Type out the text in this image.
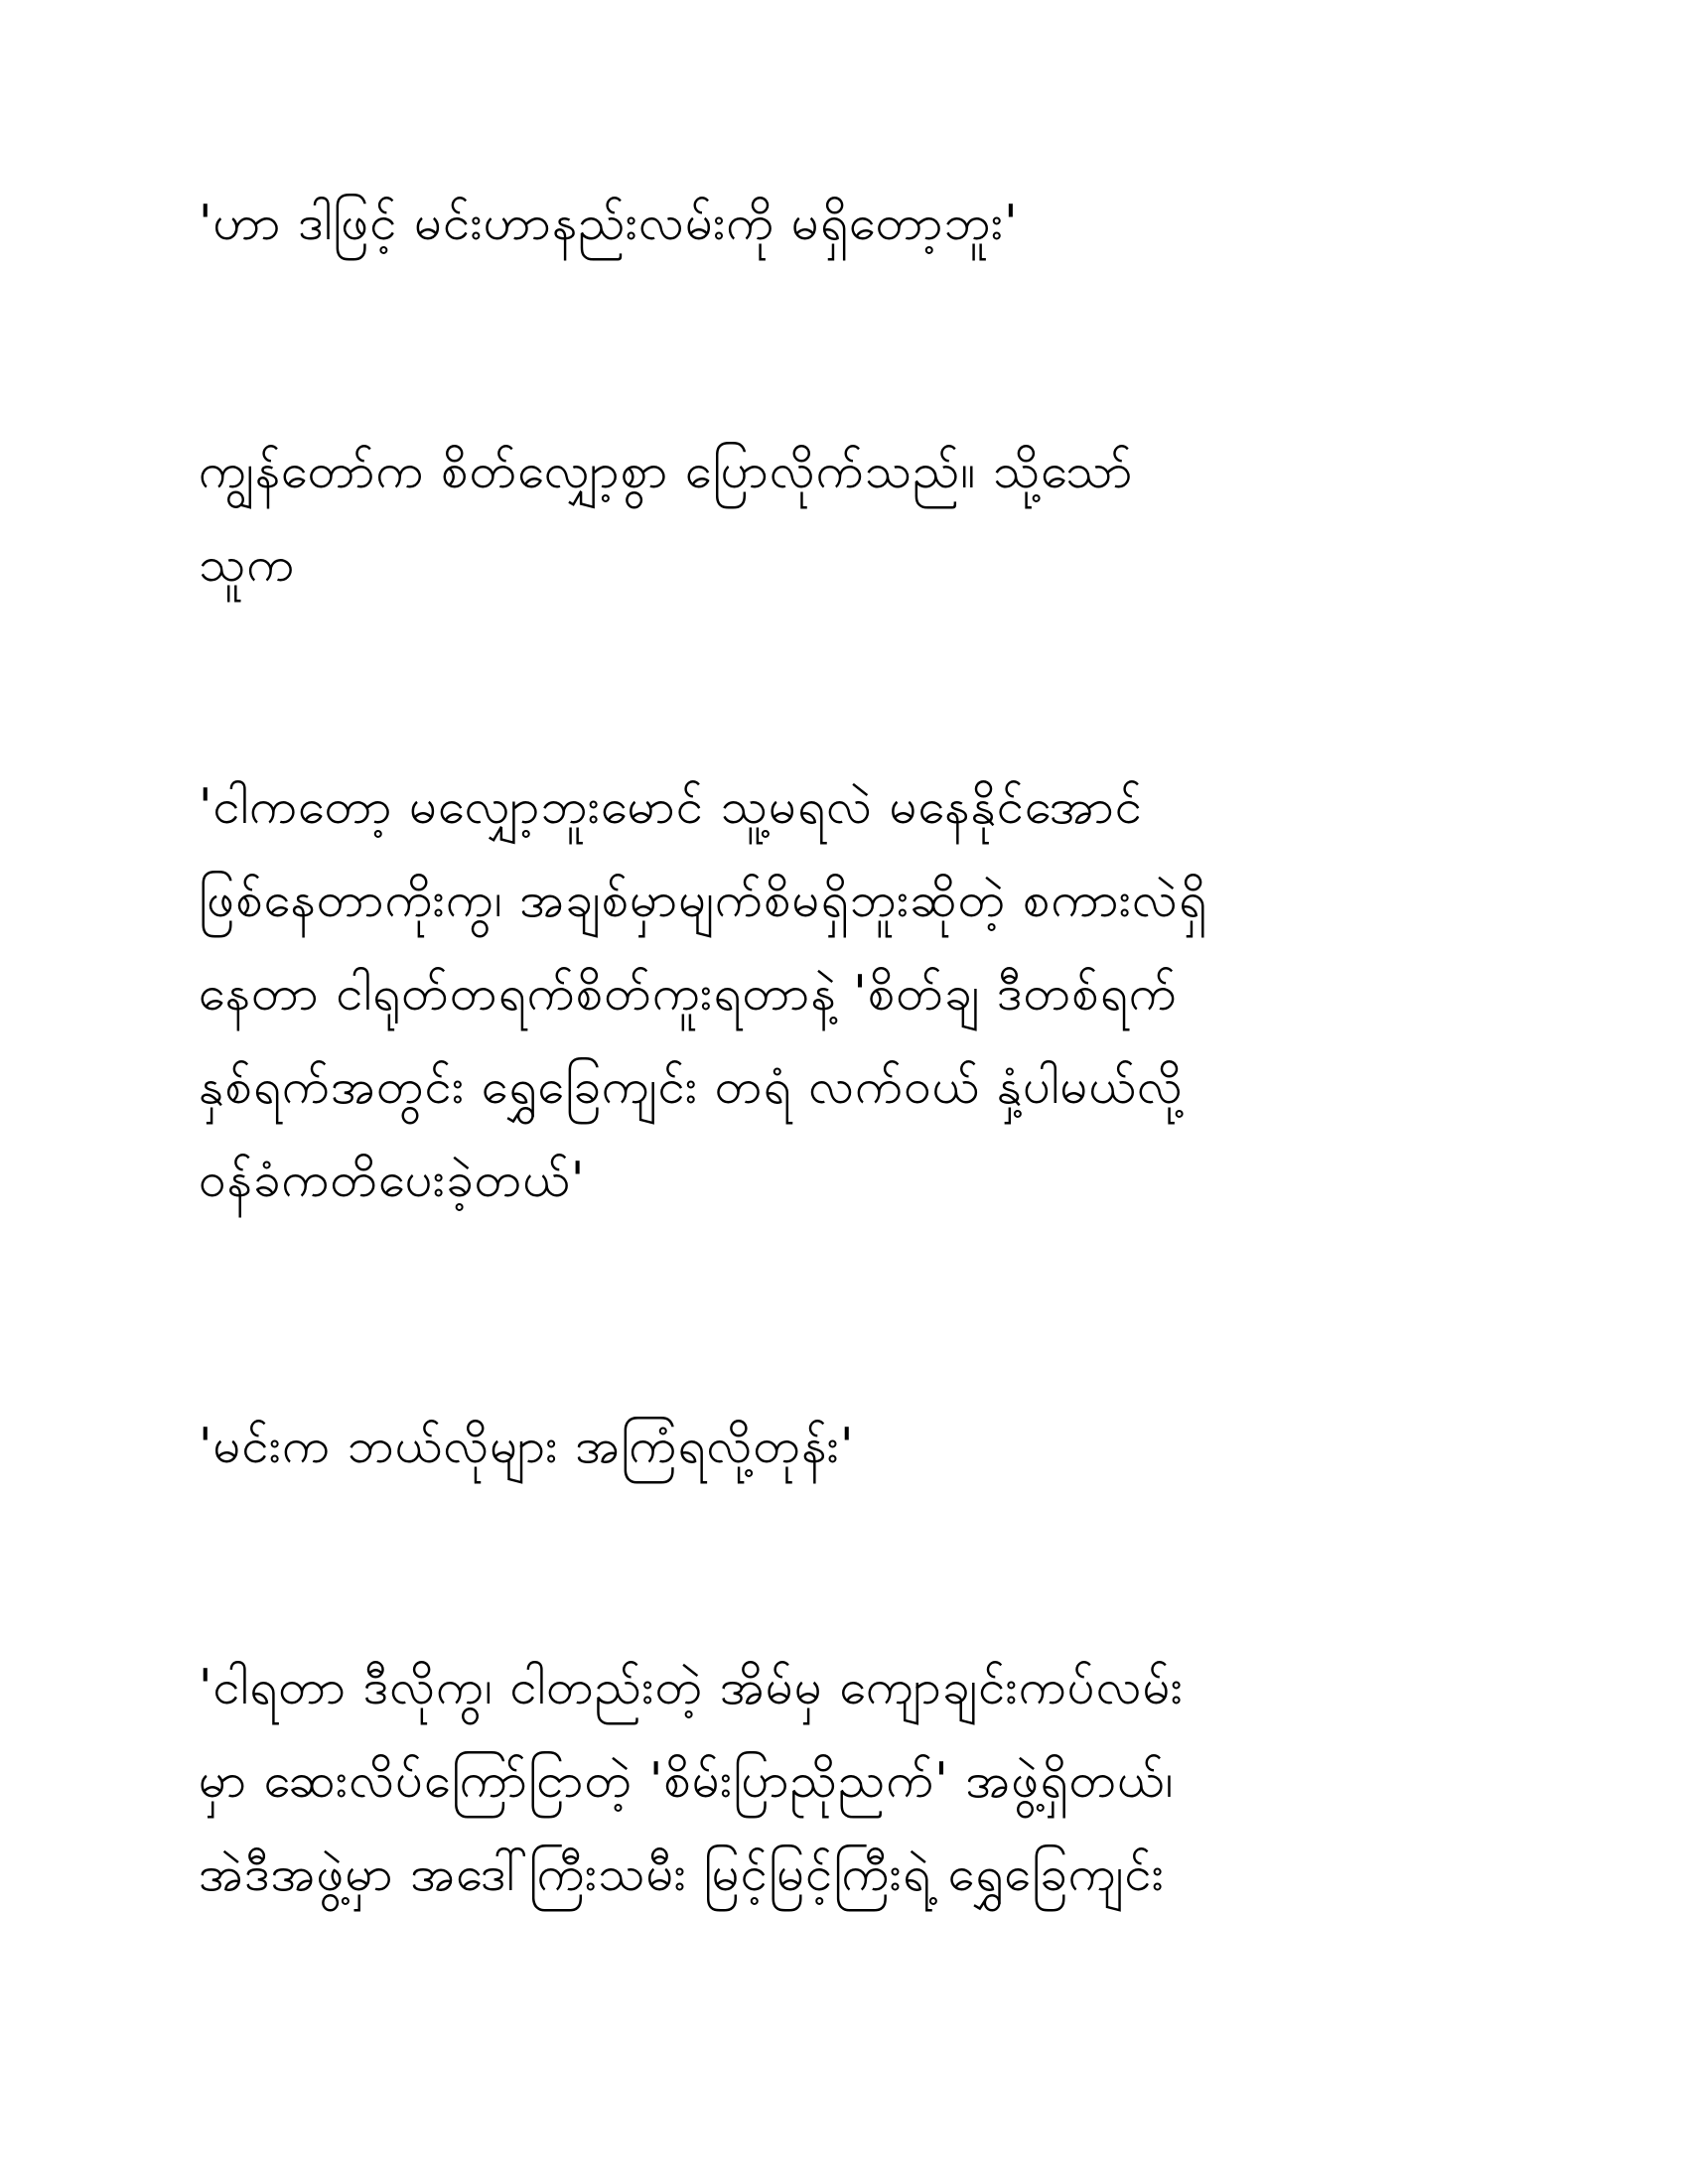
'ဟာ ဒါဖြင့် မင်းဟာနည်းလမ်းကို မရှိတော့ဘူး'

ကျွန်တော်က စိတ်လျှော့စွာ ပြောလိုက်သည်။ သို့သော်
သူက

'ငါကတော့ မလျှော့ဘူးမောင် သူ့မရလဲ မနေနိုင်အောင်
ဖြစ်နေတာကိုးကွ၊ အချစ်မှာမျက်စိမရှိဘူးဆိုတဲ့ စကားလဲရှိ
နေတာ ငါရုတ်တရက်စိတ်ကူးရတာနဲ့ 'စိတ်ချ ဒီတစ်ရက်
နှစ်ရက်အတွင်း ရွှေခြေကျင်း တရံ လက်ဝယ် နှံ့ပါမယ်လို့
ဝန်ခံကတိပေးခဲ့တယ်'

'မင်းက ဘယ်လိုများ အကြံရလို့တုန်း'

'ငါရတာ ဒီလိုကွ၊ ငါတည်းတဲ့ အိမ်မှ ကျောချင်းကပ်လမ်း
မှာ ဆေးလိပ်ကြော်ငြာတဲ့ 'စိမ်းပြာညိုညက်' အဖွဲ့ရှိတယ်၊
အဲဒီအဖွဲ့မှာ အဒေါ်ကြီးသမီး မြင့်မြင့်ကြီးရဲ့ ရွှေခြေကျင်း
